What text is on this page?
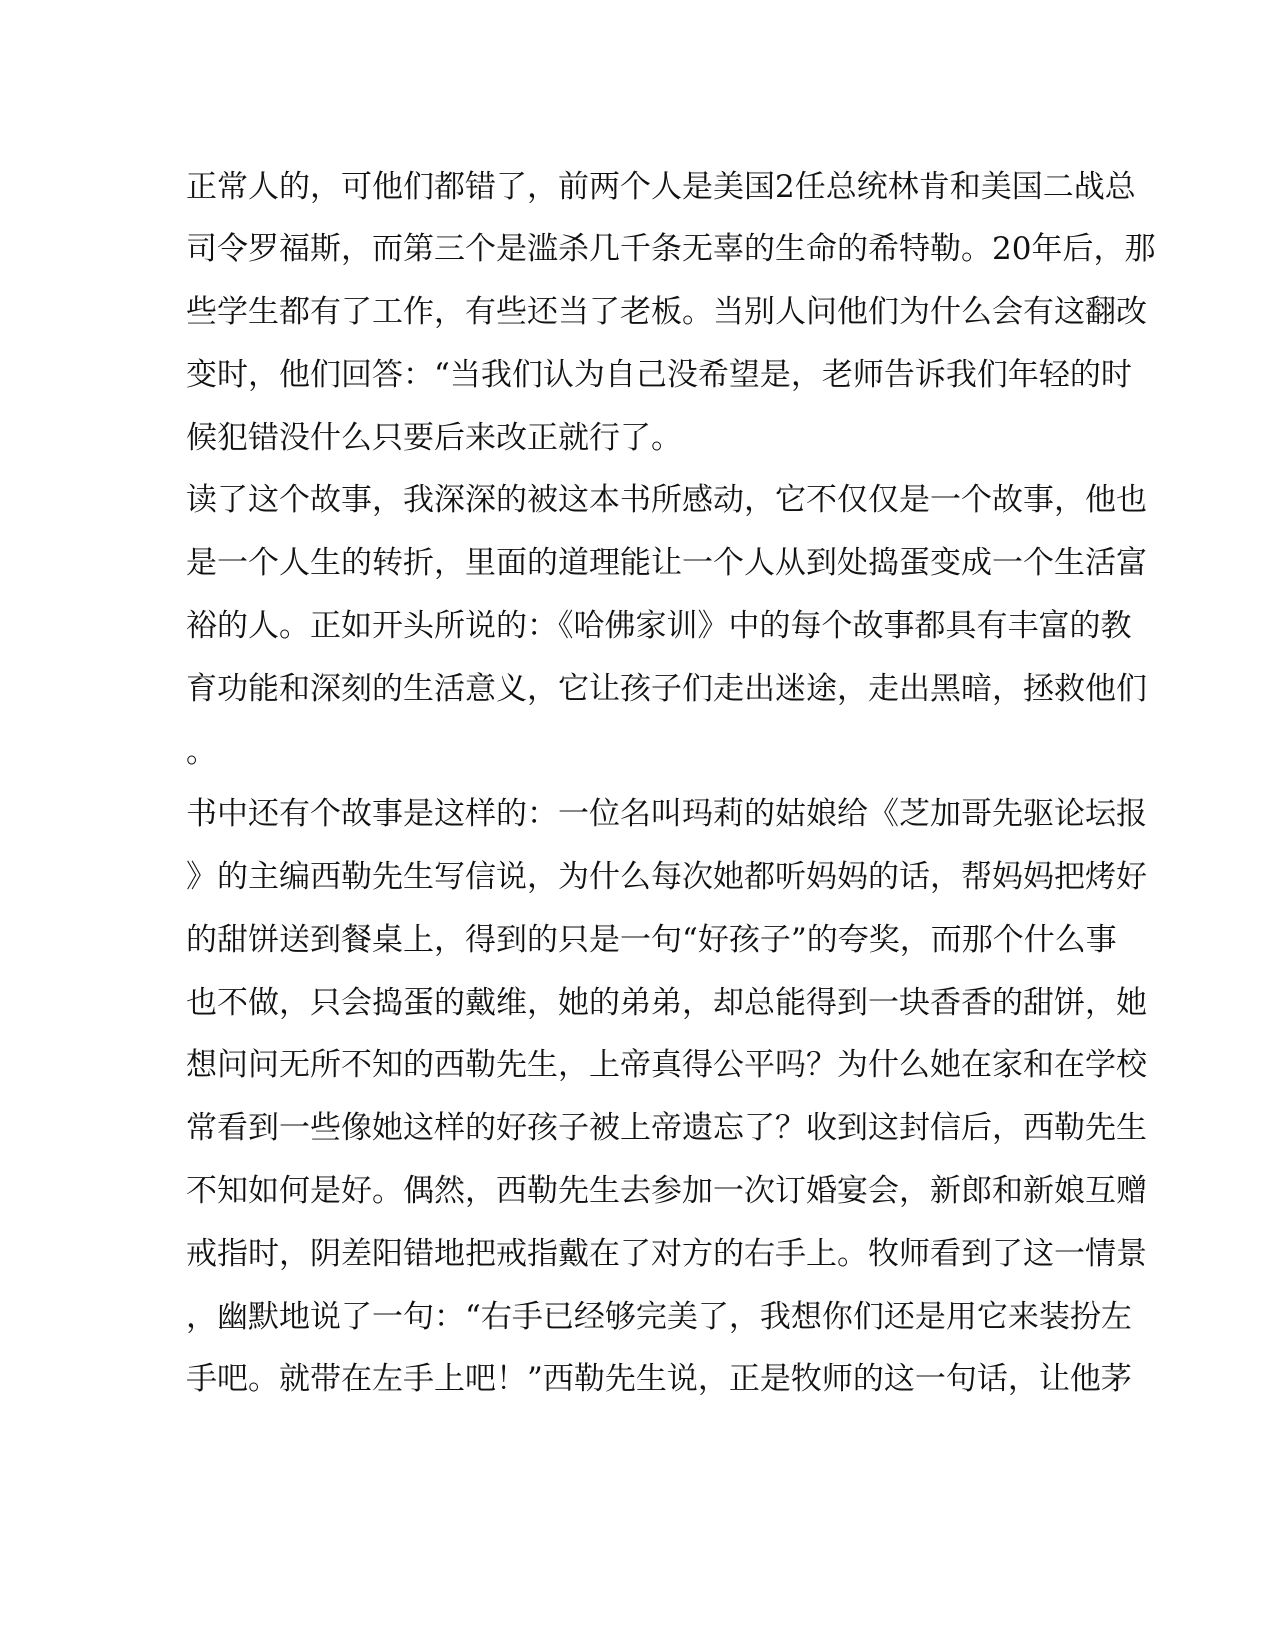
正常人的，可他们都错了，前两个人是美国2任总统林肯和美国二战总
司令罗福斯，而第三个是滥杀几千条无辜的生命的希特勒。20年后，那
些学生都有了工作，有些还当了老板。当别人问他们为什么会有这翻改
变时，他们回答：“当我们认为自己没希望是，老师告诉我们年轻的时
候犯错没什么只要后来改正就行了。
读了这个故事，我深深的被这本书所感动，它不仅仅是一个故事，他也
是一个人生的转折，里面的道理能让一个人从到处捣蛋变成一个生活富
裕的人。正如开头所说的：《哈佛家训》中的每个故事都具有丰富的教
育功能和深刻的生活意义，它让孩子们走出迷途，走出黑暗，拯救他们
。
书中还有个故事是这样的：一位名叫玛莉的姑娘给《芝加哥先驱论坛报
》的主编西勒先生写信说，为什么每次她都听妈妈的话，帮妈妈把烤好
的甜饼送到餐桌上，得到的只是一句“好孩子”的夸奖，而那个什么事
也不做，只会捣蛋的戴维，她的弟弟，却总能得到一块香香的甜饼，她
想问问无所不知的西勒先生，上帝真得公平吗？为什么她在家和在学校
常看到一些像她这样的好孩子被上帝遗忘了？收到这封信后，西勒先生
不知如何是好。偶然，西勒先生去参加一次订婚宴会，新郎和新娘互赠
戒指时，阴差阳错地把戒指戴在了对方的右手上。牧师看到了这一情景
，幽默地说了一句：“右手已经够完美了，我想你们还是用它来装扮左
手吧。就带在左手上吧！”西勒先生说，正是牧师的这一句话，让他茅
